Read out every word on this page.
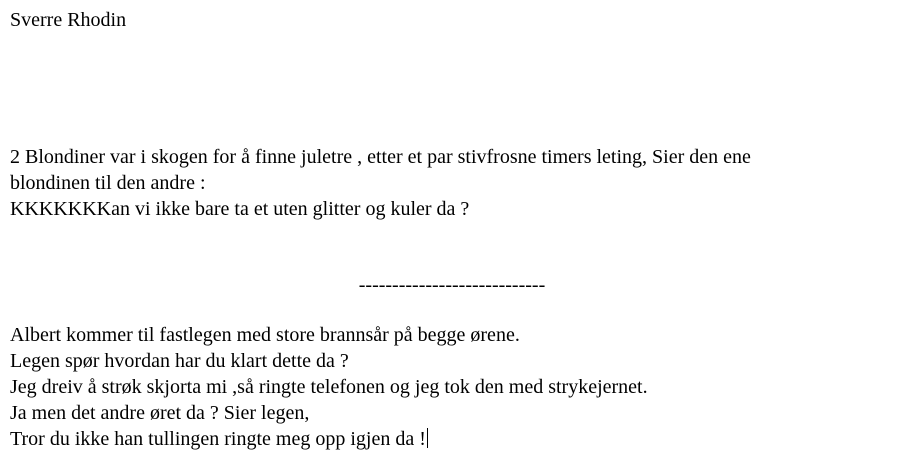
Sverre Rhodin
2 Blondiner var i skogen for å finne juletre , etter et par stivfrosne timers leting, Sier den ene
blondinen til den andre :
KKKKKKKan vi ikke bare ta et uten glitter og kuler da ?
----------------------------
Albert kommer til fastlegen med store brannsår på begge ørene.
Legen spør hvordan har du klart dette da ?
Jeg dreiv å strøk skjorta mi ,så ringte telefonen og jeg tok den med strykejernet.
Ja men det andre øret da ? Sier legen,
Tror du ikke han tullingen ringte meg opp igjen da !
